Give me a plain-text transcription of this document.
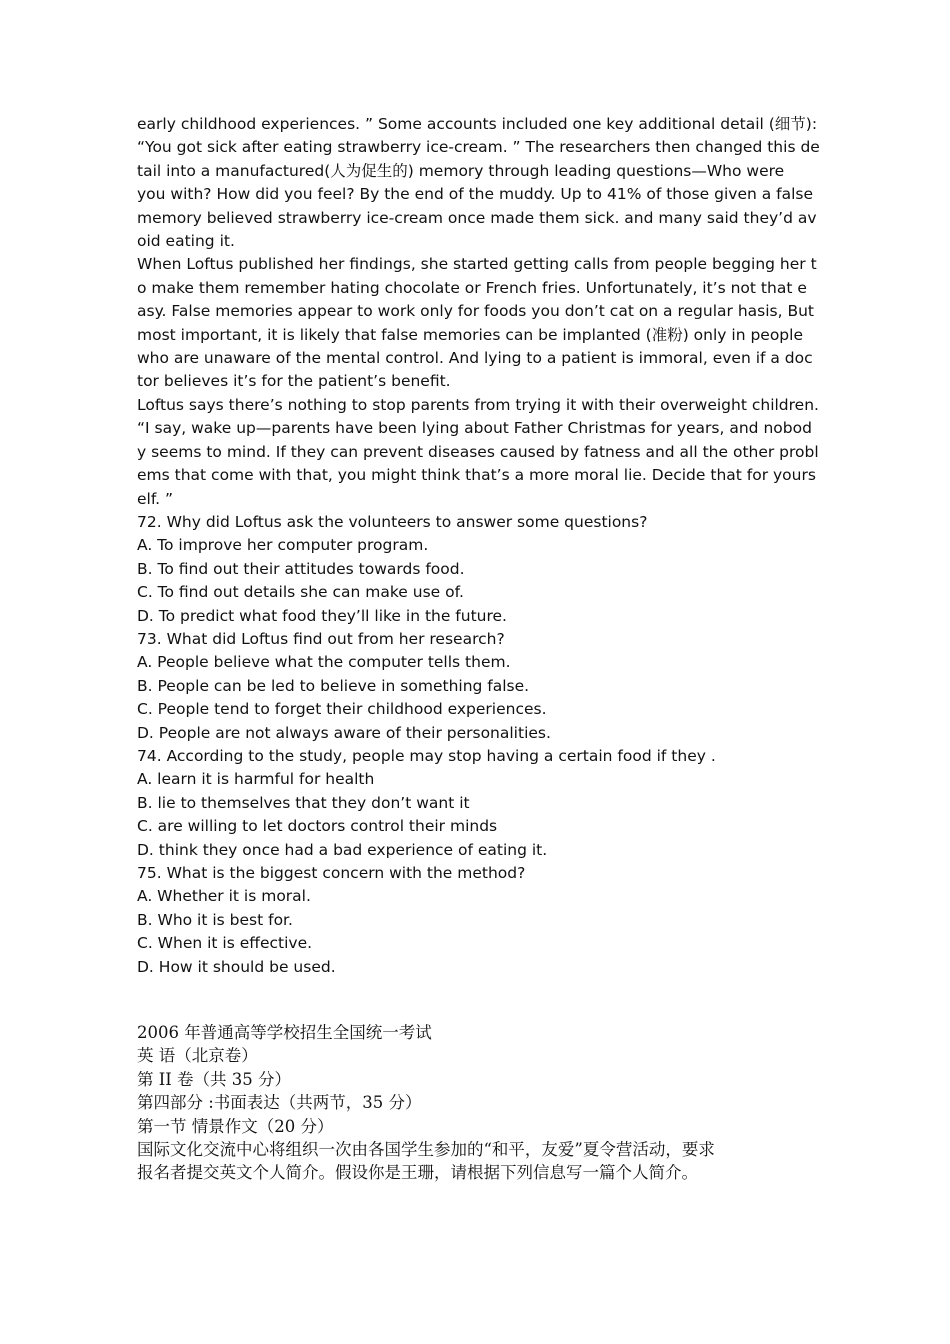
early childhood experiences. ” Some accounts included one key additional detail (细节):
“You got sick after eating strawberry ice-cream. ” The researchers then changed this de
tail into a manufactured(人为促生的) memory through leading questions—Who were
you with? How did you feel? By the end of the muddy. Up to 41% of those given a false
memory believed strawberry ice-cream once made them sick. and many said they’d av
oid eating it.
When Loftus published her findings, she started getting calls from people begging her t
o make them remember hating chocolate or French fries. Unfortunately, it’s not that e
asy. False memories appear to work only for foods you don’t cat on a regular hasis, But
most important, it is likely that false memories can be implanted (准粉) only in people
who are unaware of the mental control. And lying to a patient is immoral, even if a doc
tor believes it’s for the patient’s benefit.
Loftus says there’s nothing to stop parents from trying it with their overweight children.
“I say, wake up—parents have been lying about Father Christmas for years, and nobod
y seems to mind. If they can prevent diseases caused by fatness and all the other probl
ems that come with that, you might think that’s a more moral lie. Decide that for yours
elf. ”
72. Why did Loftus ask the volunteers to answer some questions?
A. To improve her computer program.
B. To find out their attitudes towards food.
C. To find out details she can make use of.
D. To predict what food they’ll like in the future.
73. What did Loftus find out from her research?
A. People believe what the computer tells them.
B. People can be led to believe in something false.
C. People tend to forget their childhood experiences.
D. People are not always aware of their personalities.
74. According to the study, people may stop having a certain food if they .
A. learn it is harmful for health
B. lie to themselves that they don’t want it
C. are willing to let doctors control their minds
D. think they once had a bad experience of eating it.
75. What is the biggest concern with the method?
A. Whether it is moral.
B. Who it is best for.
C. When it is effective.
D. How it should be used.
2006 年普通高等学校招生全国统一考试
英 语（北京卷）
第 II 卷（共 35 分）
第四部分 :书面表达（共两节，35 分）
第一节 情景作文（20 分）
国际文化交流中心将组织一次由各国学生参加的“和平，友爱”夏令营活动，要求
报名者提交英文个人简介。假设你是王珊，请根据下列信息写一篇个人简介。
